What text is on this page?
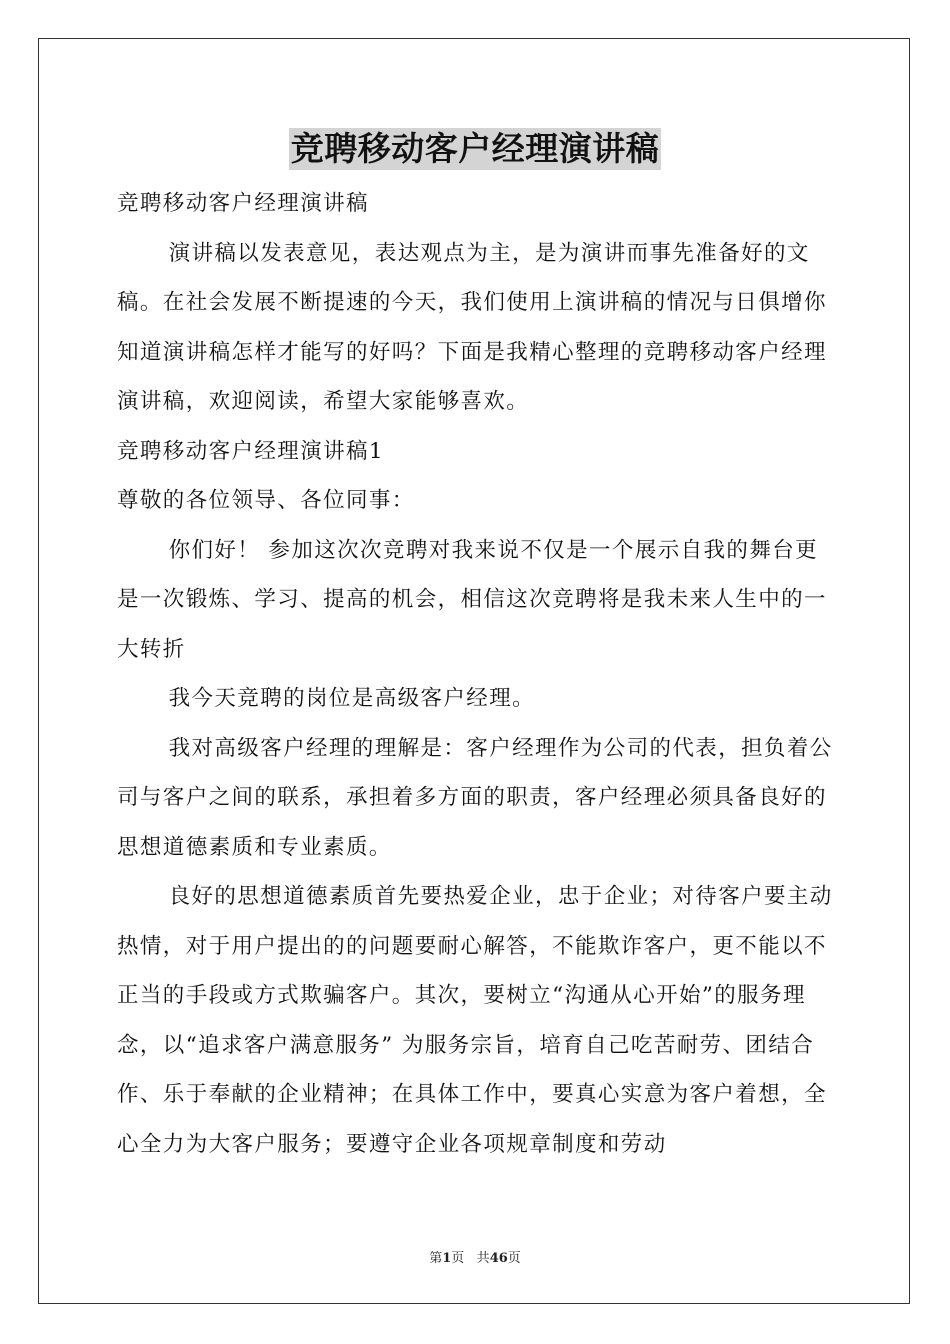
竞聘移动客户经理演讲稿

竞聘移动客户经理演讲稿

演讲稿以发表意见，表达观点为主，是为演讲而事先准备好的文稿。在社会发展不断提速的今天，我们使用上演讲稿的情况与日俱增你知道演讲稿怎样才能写的好吗？下面是我精心整理的竞聘移动客户经理演讲稿，欢迎阅读，希望大家能够喜欢。

竞聘移动客户经理演讲稿1

尊敬的各位领导、各位同事：

你们好！ 参加这次次竞聘对我来说不仅是一个展示自我的舞台更是一次锻炼、学习、提高的机会，相信这次竞聘将是我未来人生中的一大转折

我今天竞聘的岗位是高级客户经理。

我对高级客户经理的理解是：客户经理作为公司的代表，担负着公司与客户之间的联系，承担着多方面的职责，客户经理必须具备良好的思想道德素质和专业素质。

良好的思想道德素质首先要热爱企业，忠于企业；对待客户要主动热情，对于用户提出的的问题要耐心解答，不能欺诈客户，更不能以不正当的手段或方式欺骗客户。其次，要树立“沟通从心开始”的服务理念，以“追求客户满意服务” 为服务宗旨，培育自己吃苦耐劳、团结合作、乐于奉献的企业精神；在具体工作中，要真心实意为客户着想，全心全力为大客户服务；要遵守企业各项规章制度和劳动

第1页 共46页
